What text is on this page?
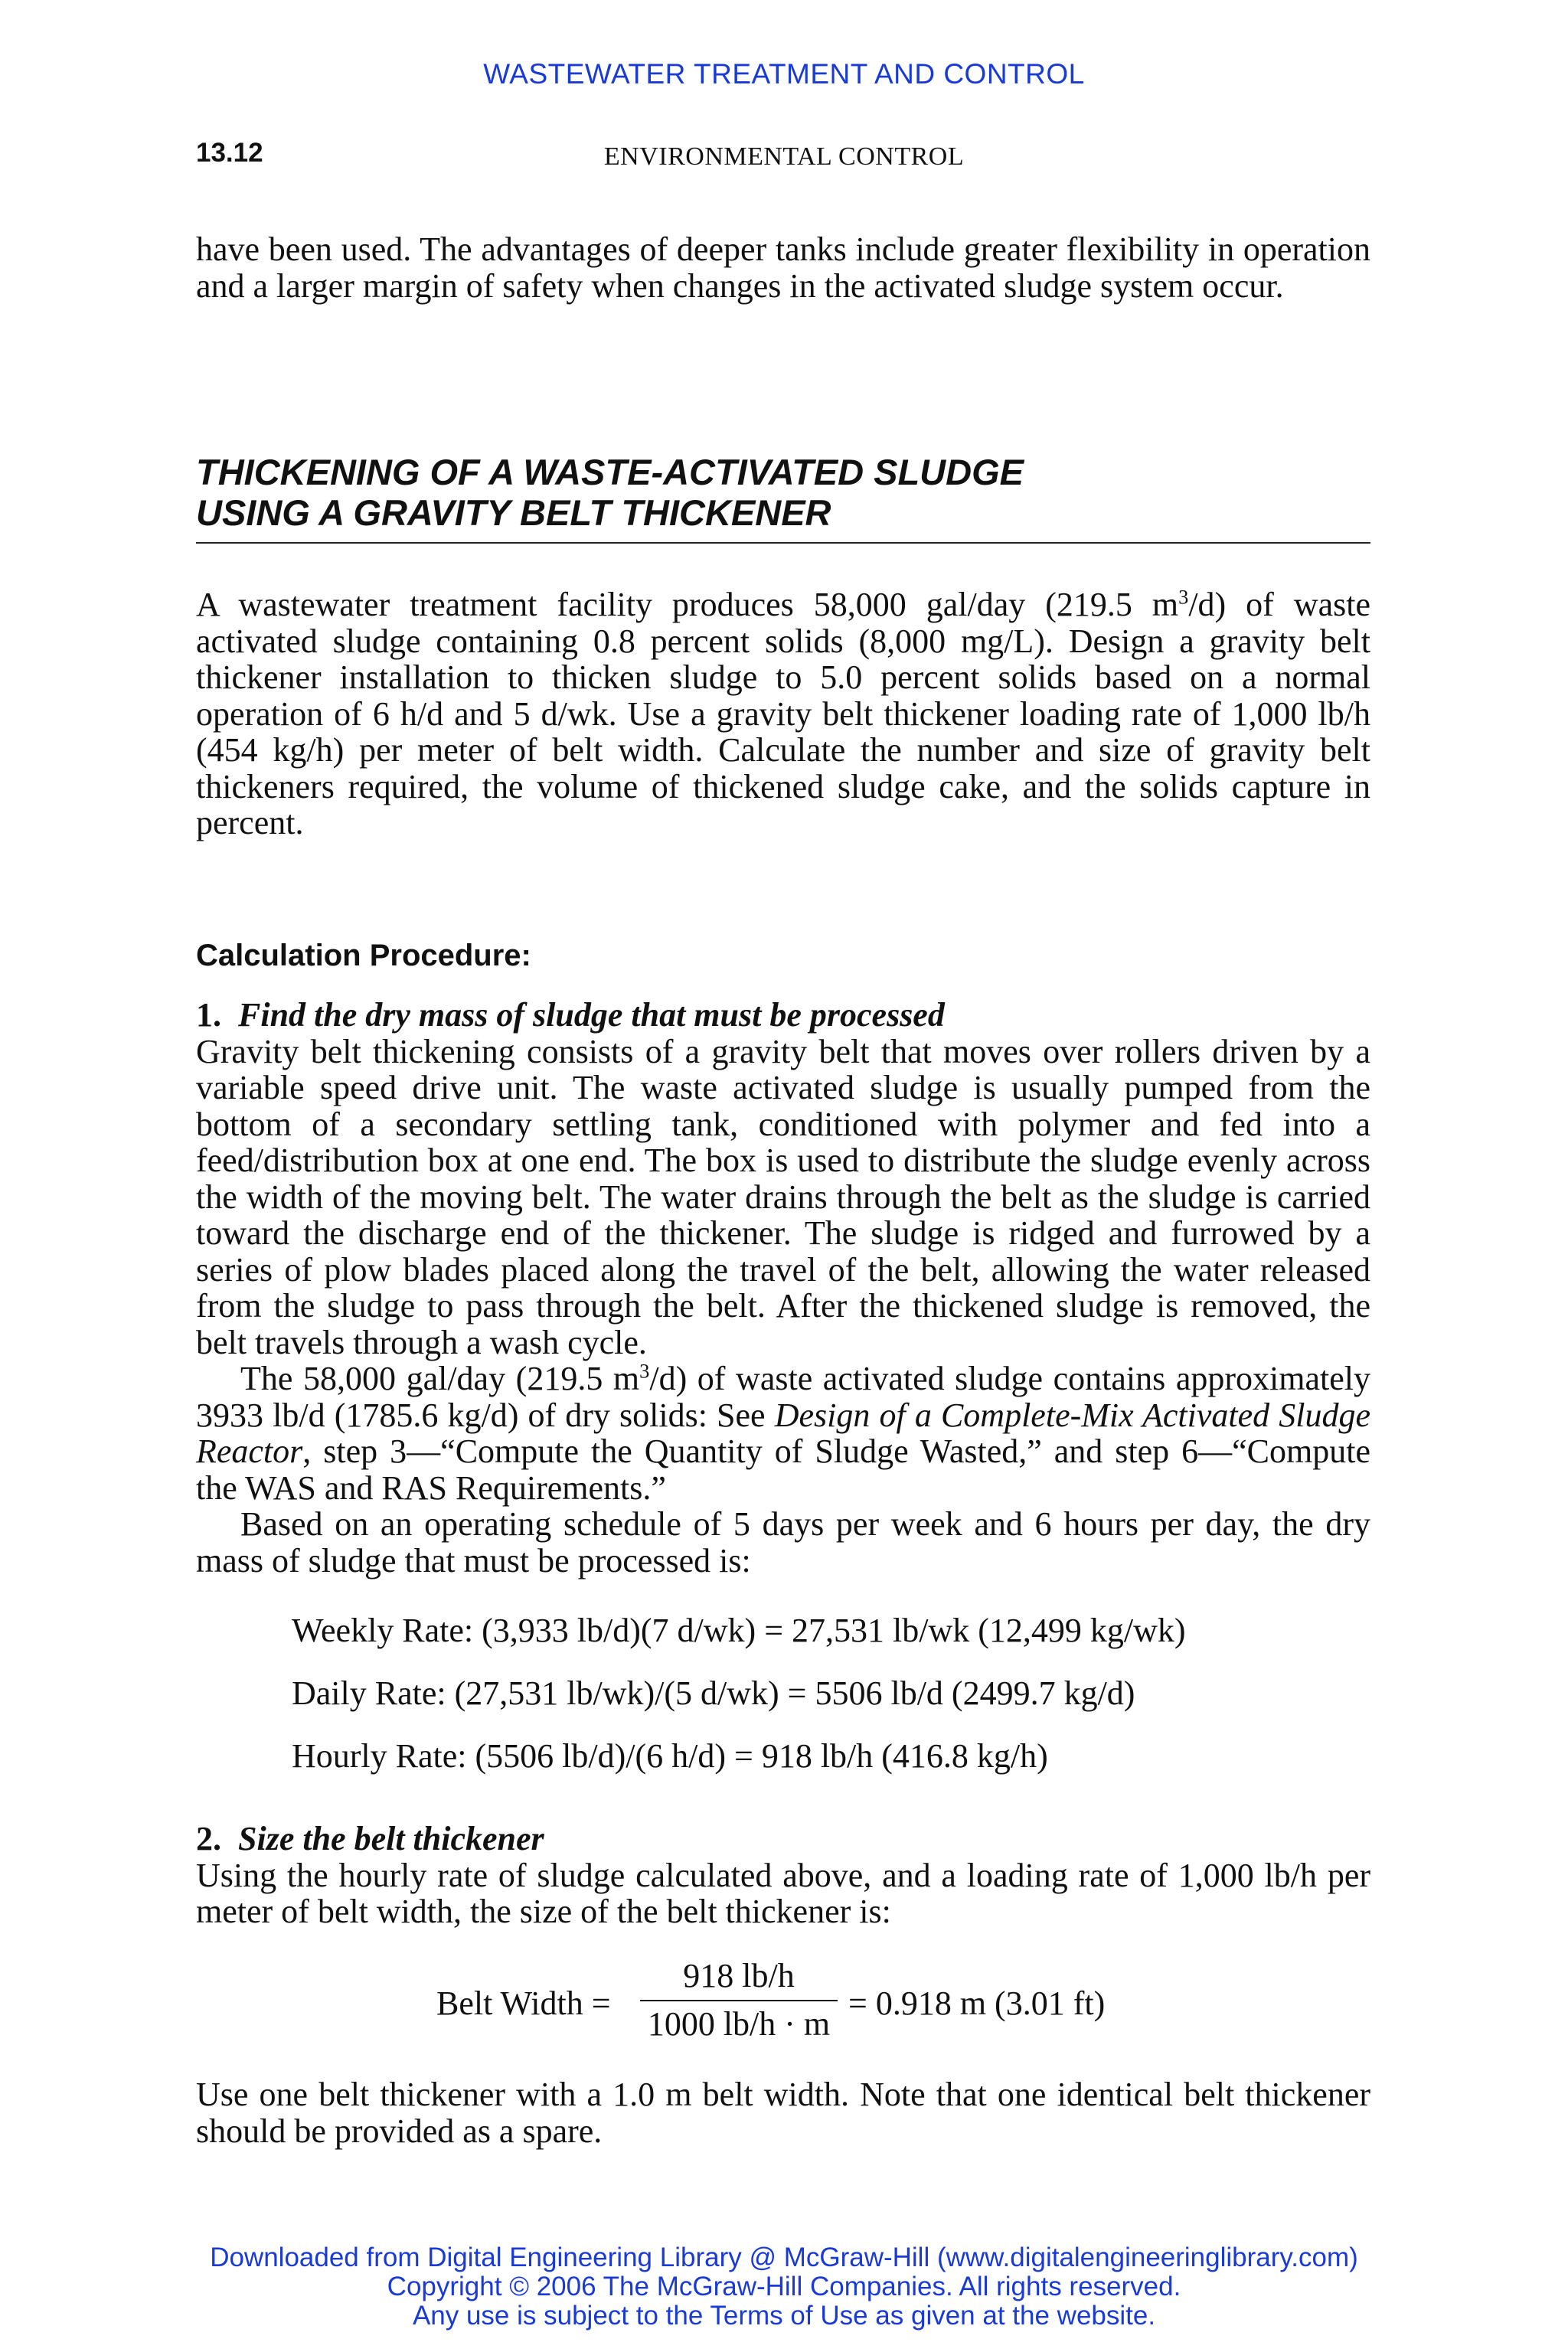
WASTEWATER TREATMENT AND CONTROL
13.12	ENVIRONMENTAL CONTROL

have been used. The advantages of deeper tanks include greater flexibility in operation and a larger margin of safety when changes in the activated sludge system occur.

THICKENING OF A WASTE-ACTIVATED SLUDGE
USING A GRAVITY BELT THICKENER

A wastewater treatment facility produces 58,000 gal/day (219.5 $m^3/d$) of waste activated sludge containing 0.8 percent solids (8,000 mg/L). Design a gravity belt thickener installation to thicken sludge to 5.0 percent solids based on a normal operation of 6 h/d and 5 d/wk. Use a gravity belt thickener loading rate of 1,000 lb/h (454 kg/h) per meter of belt width. Calculate the number and size of gravity belt thickeners required, the volume of thickened sludge cake, and the solids capture in percent.

Calculation Procedure:

1. Find the dry mass of sludge that must be processed

Gravity belt thickening consists of a gravity belt that moves over rollers driven by a variable speed drive unit. The waste activated sludge is usually pumped from the bottom of a secondary settling tank, conditioned with polymer and fed into a feed/distribution box at one end. The box is used to distribute the sludge evenly across the width of the moving belt. The water drains through the belt as the sludge is carried toward the discharge end of the thickener. The sludge is ridged and furrowed by a series of plow blades placed along the travel of the belt, allowing the water released from the sludge to pass through the belt. After the thickened sludge is removed, the belt travels through a wash cycle.

The 58,000 gal/day (219.5 $m^3/d$) of waste activated sludge contains approximately 3933 lb/d (1785.6 kg/d) of dry solids: See Design of a Complete-Mix Activated Sludge Reactor, step 3—“Compute the Quantity of Sludge Wasted,” and step 6—“Compute the WAS and RAS Requirements.”

Based on an operating schedule of 5 days per week and 6 hours per day, the dry mass of sludge that must be processed is:

Weekly Rate: (3,933 lb/d)(7 d/wk) = 27,531 lb/wk (12,499 kg/wk)
Daily Rate: (27,531 lb/wk)/(5 d/wk) = 5506 lb/d (2499.7 kg/d)
Hourly Rate: (5506 lb/d)/(6 h/d) = 918 lb/h (416.8 kg/h)

2. Size the belt thickener

Using the hourly rate of sludge calculated above, and a loading rate of 1,000 lb/h per meter of belt width, the size of the belt thickener is:

Belt Width = $\frac{918 lb/h}{1000 lb/h \cdot m} = 0.918$ m (3.01 ft)

Use one belt thickener with a 1.0 m belt width. Note that one identical belt thickener should be provided as a spare.

Downloaded from Digital Engineering Library @ McGraw-Hill (www.digitalengineeringlibrary.com)
Copyright © 2006 The McGraw-Hill Companies. All rights reserved.
Any use is subject to the Terms of Use as given at the website.
